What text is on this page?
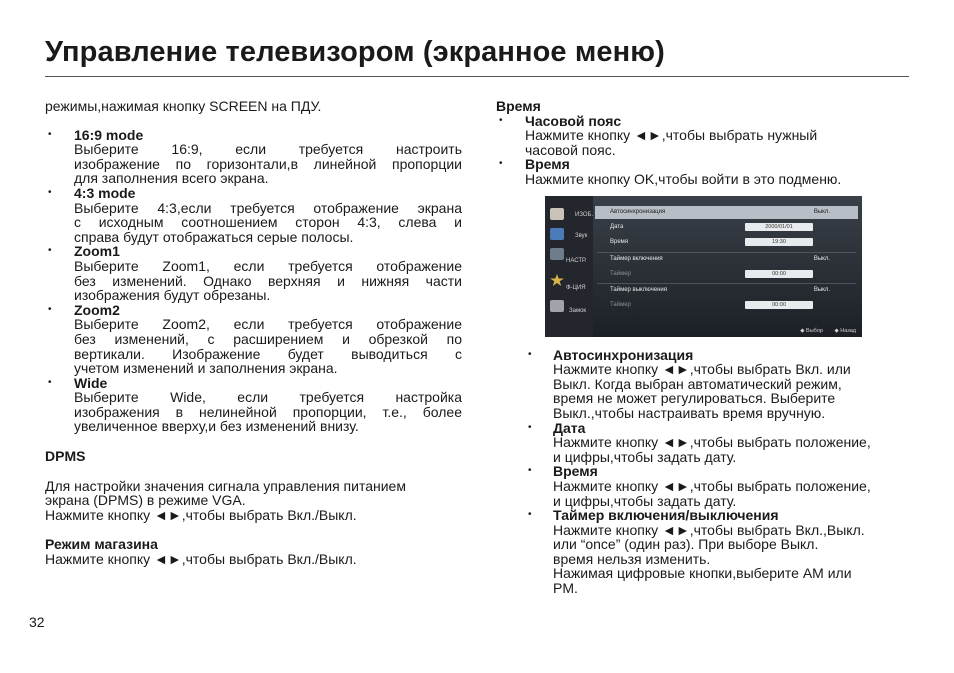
Управление телевизором (экранное меню)

режимы,нажимая кнопку SCREEN на ПДУ.

• 16:9 mode

Выберите 16:9, если требуется настроить

изображение по горизонтали,в линейной пропорции

для заполнения всего экрана.

• 4:3 mode

Выберите 4:3,если требуется отображение экрана

с исходным соотношением сторон 4:3, слева и

справа будут отображаться серые полосы.

• Zoom1

Выберите Zoom1, если требуется отображение

без изменений. Однако верхняя и нижняя части

изображения будут обрезаны.

• Zoom2

Выберите Zoom2, если требуется отображение

без изменений, с расширением и обрезкой по

вертикали. Изображение будет выводиться с

учетом изменений и заполнения экрана.

• Wide

Выберите Wide, если требуется настройка

изображения в нелинейной пропорции, т.е., более

увеличенное вверху,и без изменений внизу.

DPMS

Для настройки значения сигнала управления питанием

экрана (DPMS) в режиме VGA.

Нажмите кнопку ◄►,чтобы выбрать Вкл./Выкл.

Режим магазина

Нажмите кнопку ◄►,чтобы выбрать Вкл./Выкл.

Время

• Часовой пояс

Нажмите кнопку ◄►,чтобы выбрать нужный

часовой пояс.

• Время

Нажмите кнопку OK,чтобы войти в это подменю.

• Автосинхронизация

Нажмите кнопку ◄►,чтобы выбрать Вкл. или

Выкл. Когда выбран автоматический режим,

время не может регулироваться. Выберите

Выкл.,чтобы настраивать время вручную.

• Дата

Нажмите кнопку ◄►,чтобы выбрать положение,

и цифры,чтобы задать дату.

• Время

Нажмите кнопку ◄►,чтобы выбрать положение,

и цифры,чтобы задать дату.

• Таймер включения/выключения

Нажмите кнопку ◄►,чтобы выбрать Вкл.,Выкл.

или “once” (один раз). При выборе Выкл.

время нельзя изменить.

Нажимая цифровые кнопки,выберите AM или

PM.

ИЗОБ.
Звук
НАСТР.
Ф-ЦИЯ
Замок
Автосинхронизация	Выкл.
Дата	2000/01/01
Время	19:30
Таймер включения	Выкл.
Таймер	00:00
Таймер выключения	Выкл.
Таймер	00:00
◆ Выбор ◆ Назад
32
